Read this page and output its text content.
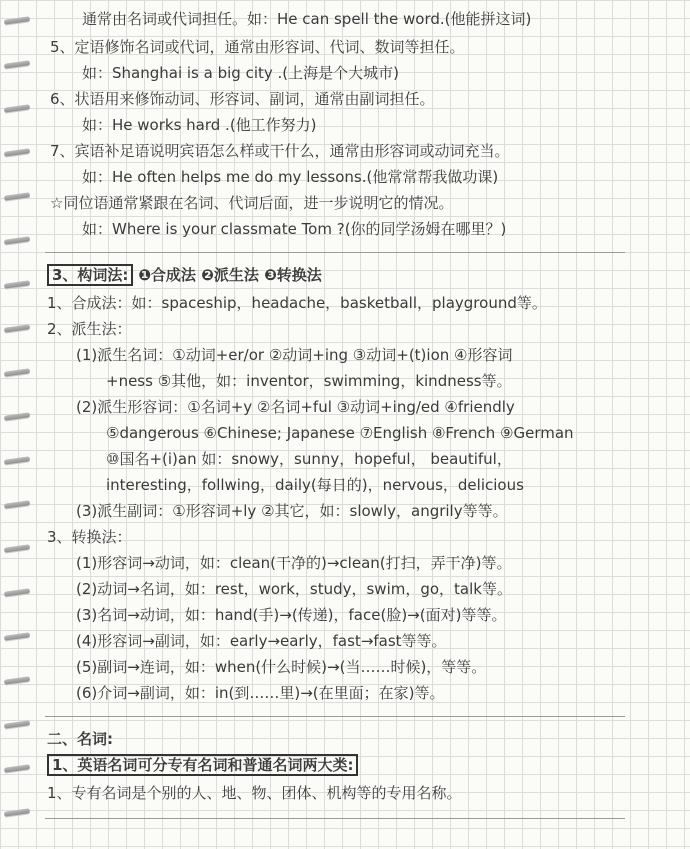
通常由名词或代词担任。如：He can spell the word.(他能拼这词)
5、定语修饰名词或代词，通常由形容词、代词、数词等担任。
如：Shanghai is a big city .(上海是个大城市)
6、状语用来修饰动词、形容词、副词，通常由副词担任。
如：He works hard .(他工作努力)
7、宾语补足语说明宾语怎么样或干什么，通常由形容词或动词充当。
如：He often helps me do my lessons.(他常常帮我做功课)
☆同位语通常紧跟在名词、代词后面，进一步说明它的情况。
如：Where is your classmate Tom ?(你的同学汤姆在哪里？)
3、构词法: ❶合成法 ❷派生法 ❸转换法
1、合成法：如：spaceship，headache，basketball，playground等。
2、派生法：
(1)派生名词：①动词+er/or ②动词+ing ③动词+(t)ion ④形容词
+ness ⑤其他，如：inventor，swimming，kindness等。
(2)派生形容词：①名词+y ②名词+ful ③动词+ing/ed ④friendly
⑤dangerous ⑥Chinese; Japanese ⑦English ⑧French ⑨German
⑩国名+(i)an 如：snowy，sunny，hopeful， beautiful，
interesting，follwing，daily(每日的)，nervous，delicious
(3)派生副词：①形容词+ly ②其它，如：slowly，angrily等等。
3、转换法：
(1)形容词→动词，如：clean(干净的)→clean(打扫，弄干净)等。
(2)动词→名词，如：rest，work，study，swim，go，talk等。
(3)名词→动词，如：hand(手)→(传递)，face(脸)→(面对)等等。
(4)形容词→副词，如：early→early，fast→fast等等。
(5)副词→连词，如：when(什么时候)→(当……时候)，等等。
(6)介词→副词，如：in(到……里)→(在里面；在家)等。
二、名词:
1、英语名词可分专有名词和普通名词两大类:
1、专有名词是个别的人、地、物、团体、机构等的专用名称。
